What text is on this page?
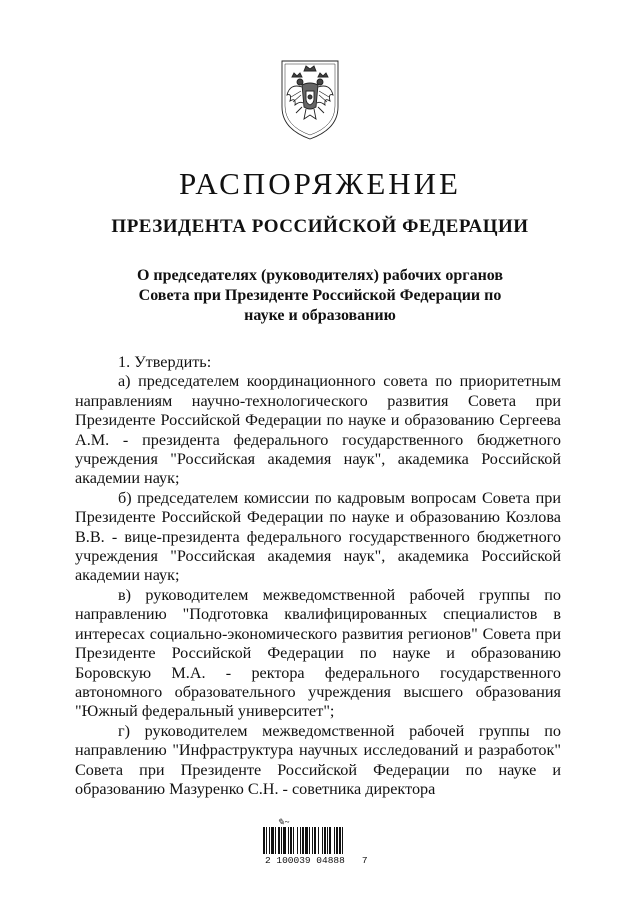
РАСПОРЯЖЕНИЕ
ПРЕЗИДЕНТА РОССИЙСКОЙ ФЕДЕРАЦИИ
О председателях (руководителях) рабочих органов
Совета при Президенте Российской Федерации по
науке и образованию

1. Утвердить:

а) председателем координационного совета по приоритетным направлениям научно-технологического развития Совета при Президенте Российской Федерации по науке и образованию Сергеева А.М. - президента федерального государственного бюджетного учреждения "Российская академия наук", академика Российской академии наук;

б) председателем комиссии по кадровым вопросам Совета при Президенте Российской Федерации по науке и образованию Козлова В.В. - вице-президента федерального государственного бюджетного учреждения "Российская академия наук", академика Российской академии наук;

в) руководителем межведомственной рабочей группы по направлению "Подготовка квалифицированных специалистов в интересах социально-экономического развития регионов" Совета при Президенте Российской Федерации по науке и образованию Боровскую М.А. - ректора федерального государственного автономного образовательного учреждения высшего образования "Южный федеральный университет";

г) руководителем межведомственной рабочей группы по направлению "Инфраструктура научных исследований и разработок" Совета при Президенте Российской Федерации по науке и образованию Мазуренко С.Н. - советника директора

✎~
2 100039 04888   7
